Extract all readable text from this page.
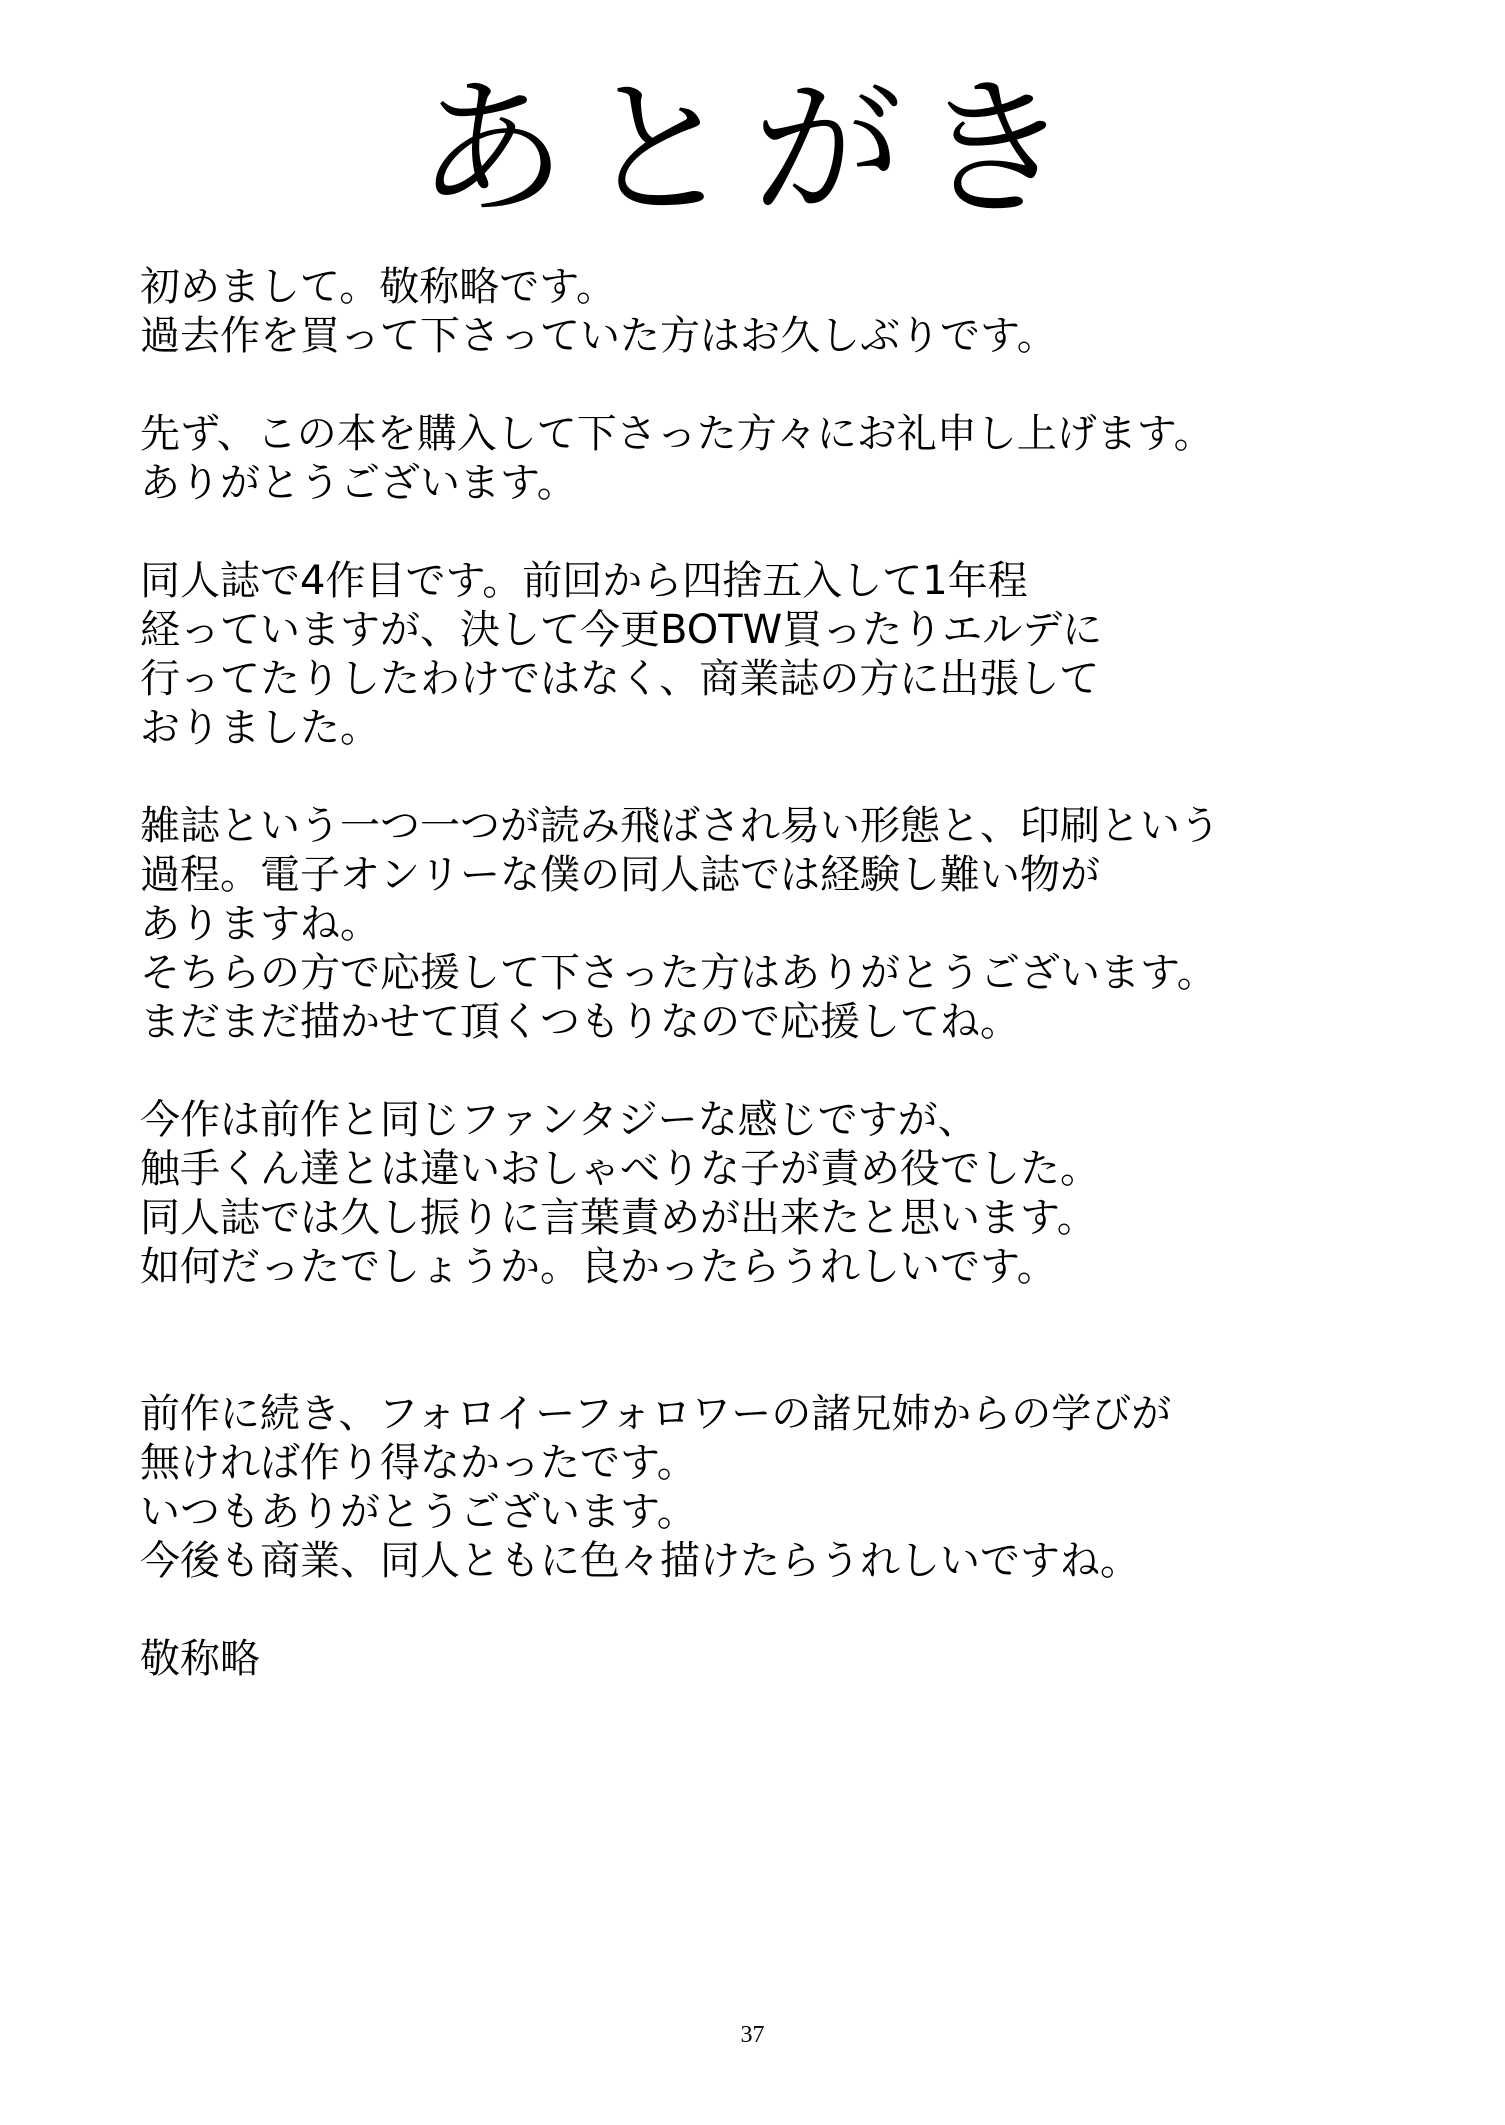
あとがき
初めまして。敬称略です。
過去作を買って下さっていた方はお久しぶりです。
先ず、この本を購入して下さった方々にお礼申し上げます。
ありがとうございます。
同人誌で4作目です。前回から四捨五入して1年程
経っていますが、決して今更BOTW買ったりエルデに
行ってたりしたわけではなく、商業誌の方に出張して
おりました。
雑誌という一つ一つが読み飛ばされ易い形態と、印刷という
過程。電子オンリーな僕の同人誌では経験し難い物が
ありますね。
そちらの方で応援して下さった方はありがとうございます。
まだまだ描かせて頂くつもりなので応援してね。
今作は前作と同じファンタジーな感じですが、
触手くん達とは違いおしゃべりな子が責め役でした。
同人誌では久し振りに言葉責めが出来たと思います。
如何だったでしょうか。良かったらうれしいです。
前作に続き、フォロイーフォロワーの諸兄姉からの学びが
無ければ作り得なかったです。
いつもありがとうございます。
今後も商業、同人ともに色々描けたらうれしいですね。
敬称略
37
